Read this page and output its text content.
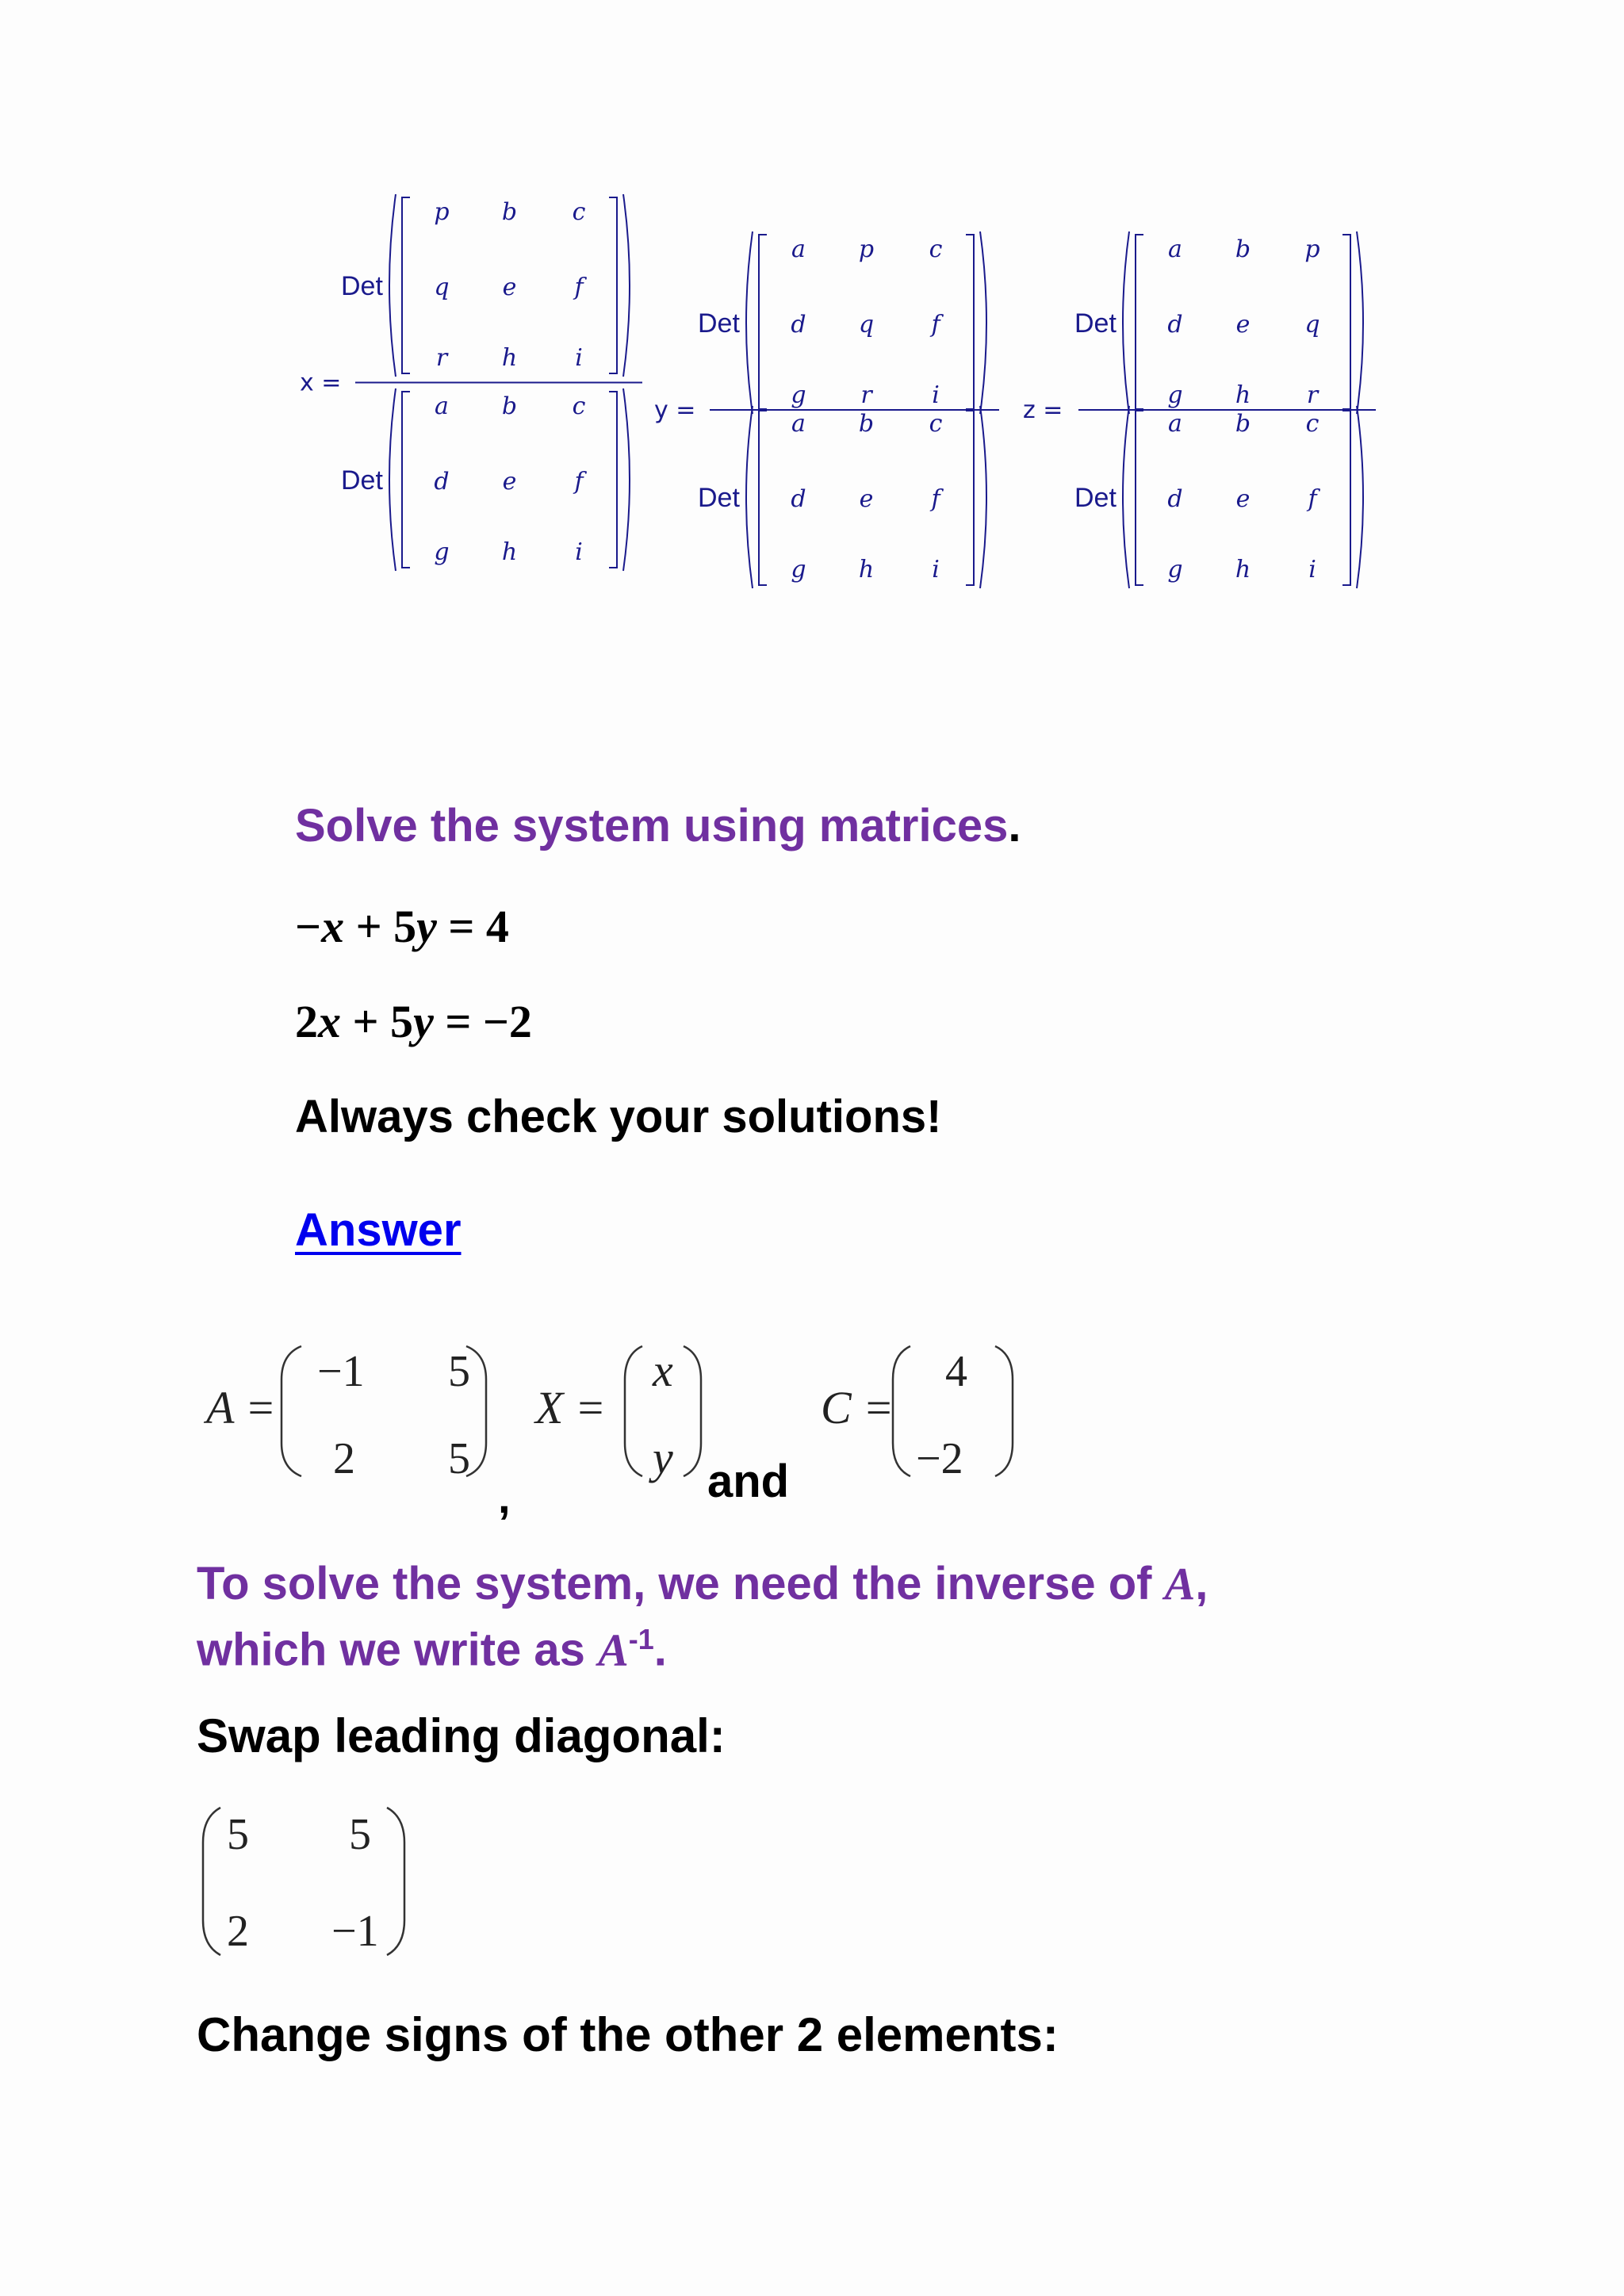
Det
p b c
q e f
r h i
Det
a b c
d e f
g h i
x =
Det
a p c
d q f
g r	i
Det
a b c
d e f
g h i
y =
Det
a b p
d e q
g h r
Det
a b c
d e f
g h i
z =
Solve the system using matrices.
−x + 5y = 4
2x + 5y = −2
Always check your solutions!
Answer
A =
−1 5
2 5
,
X =
x
y and
C =
4
−2
To solve the system, we need the inverse of A,
which we write as $A^{-1}$.
Swap leading diagonal:
5 5
2 −1
Change signs of the other 2 elements:
